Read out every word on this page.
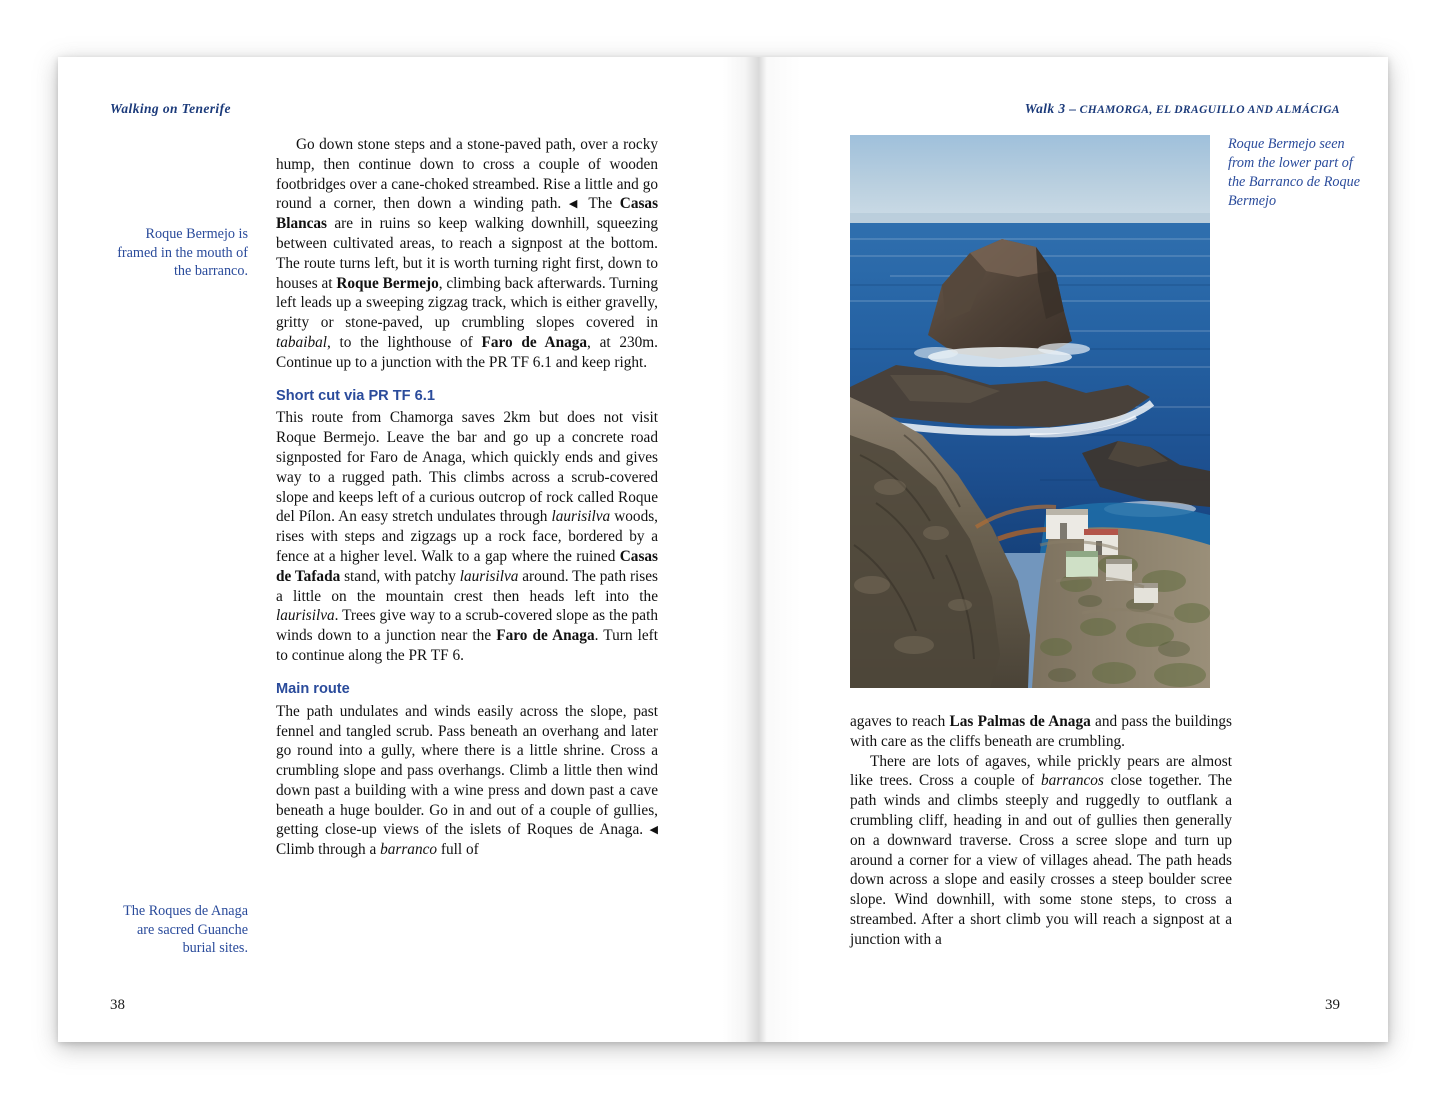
Walking on Tenerife
Roque Bermejo is framed in the mouth of the barranco.
The Roques de Anaga are sacred Guanche burial sites.

Go down stone steps and a stone-paved path, over a rocky hump, then continue down to cross a couple of wooden footbridges over a cane-choked streambed. Rise a little and go round a corner, then down a winding path. ◀ The Casas Blancas are in ruins so keep walking downhill, squeezing between cultivated areas, to reach a signpost at the bottom. The route turns left, but it is worth turning right first, down to houses at Roque Bermejo, climbing back afterwards. Turning left leads up a sweeping zigzag track, which is either gravelly, gritty or stone-paved, up crumbling slopes covered in tabaibal, to the lighthouse of Faro de Anaga, at 230m. Continue up to a junction with the PR TF 6.1 and keep right.

Short cut via PR TF 6.1

This route from Chamorga saves 2km but does not visit Roque Bermejo. Leave the bar and go up a concrete road signposted for Faro de Anaga, which quickly ends and gives way to a rugged path. This climbs across a scrub-covered slope and keeps left of a curious outcrop of rock called Roque del Pílon. An easy stretch undulates through laurisilva woods, rises with steps and zigzags up a rock face, bordered by a fence at a higher level. Walk to a gap where the ruined Casas de Tafada stand, with patchy laurisilva around. The path rises a little on the mountain crest then heads left into the laurisilva. Trees give way to a scrub-covered slope as the path winds down to a junction near the Faro de Anaga. Turn left to continue along the PR TF 6.

Main route

The path undulates and winds easily across the slope, past fennel and tangled scrub. Pass beneath an overhang and later go round into a gully, where there is a little shrine. Cross a crumbling slope and pass overhangs. Climb a little then wind down past a building with a wine press and down past a cave beneath a huge boulder. Go in and out of a couple of gullies, getting close-up views of the islets of Roques de Anaga. ◀ Climb through a barranco full of

38
Walk 3 – CHAMORGA, EL DRAGUILLO AND ALMÁCIGA
Roque Bermejo seen from the lower part of the Barranco de Roque Bermejo

agaves to reach Las Palmas de Anaga and pass the buildings with care as the cliffs beneath are crumbling.

There are lots of agaves, while prickly pears are almost like trees. Cross a couple of barrancos close together. The path winds and climbs steeply and ruggedly to outflank a crumbling cliff, heading in and out of gullies then generally on a downward traverse. Cross a scree slope and turn up around a corner for a view of villages ahead. The path heads down across a slope and easily crosses a steep boulder scree slope. Wind downhill, with some stone steps, to cross a streambed. After a short climb you will reach a signpost at a junction with a

39
